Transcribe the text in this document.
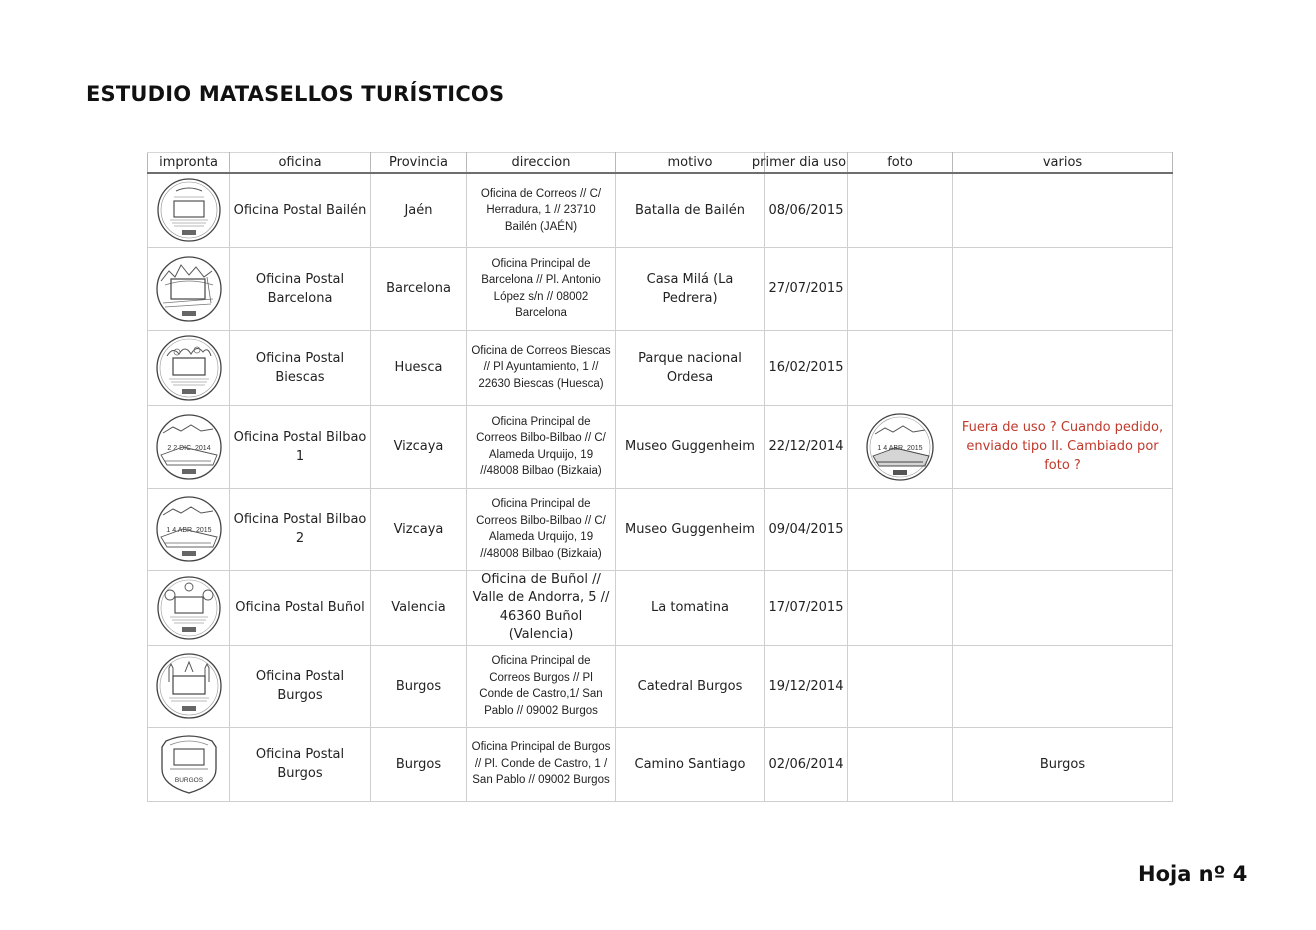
ESTUDIO MATASELLOS TURÍSTICOS
impronta	oficina	Provincia	direccion	motivo	primer dia uso	foto	varios

	Oficina Postal Bailén	Jaén	Oficina de Correos // C/ Herradura, 1 // 23710 Bailén (JAÉN)	Batalla de Bailén	08/06/2015		

	Oficina Postal Barcelona	Barcelona	Oficina Principal de Barcelona // Pl. Antonio López s/n // 08002 Barcelona	Casa Milá (La Pedrera)	27/07/2015		

	Oficina Postal Biescas	Huesca	Oficina de Correos Biescas // Pl Ayuntamiento, 1 // 22630 Biescas (Huesca)	Parque nacional Ordesa	16/02/2015		

2 2 DIC. 2014	Oficina Postal Bilbao 1	Vizcaya	Oficina Principal de Correos Bilbo-Bilbao // C/ Alameda Urquijo, 19 //48008 Bilbao (Bizkaia)	Museo Guggenheim	22/12/2014	1 4 ABR. 2015	Fuera de uso ? Cuando pedido, enviado tipo II. Cambiado por foto ?

1 4 ABR. 2015	Oficina Postal Bilbao 2	Vizcaya	Oficina Principal de Correos Bilbo-Bilbao // C/ Alameda Urquijo, 19 //48008 Bilbao (Bizkaia)	Museo Guggenheim	09/04/2015		

	Oficina Postal Buñol	Valencia	Oficina de Buñol // Valle de Andorra, 5 // 46360 Buñol (Valencia)	La tomatina	17/07/2015		

	Oficina Postal Burgos	Burgos	Oficina Principal de Correos Burgos // Pl Conde de Castro,1/ San Pablo // 09002 Burgos	Catedral Burgos	19/12/2014		

BURGOS	Oficina Postal Burgos	Burgos	Oficina Principal de Burgos // Pl. Conde de Castro, 1 / San Pablo // 09002 Burgos	Camino Santiago	02/06/2014		Burgos
Hoja nº 4
